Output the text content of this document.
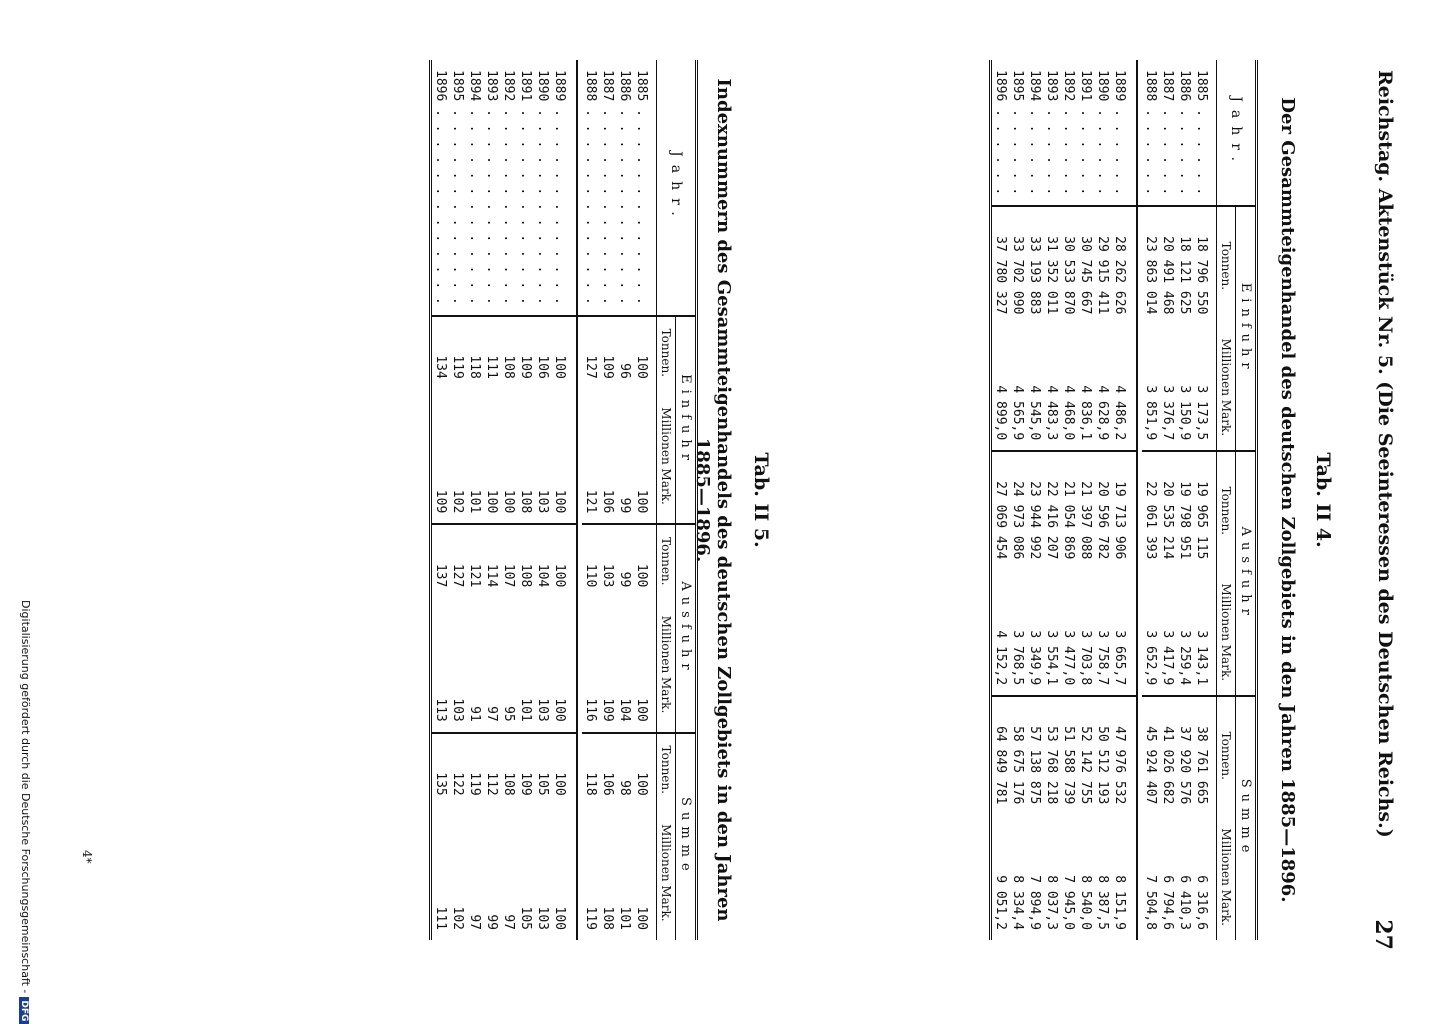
Reichstag. Aktenstück Nr. 5. (Die Seeinteressen des Deutschen Reichs.)
27
Tab. II 4.
Der Gesammteigenhandel des deutschen Zollgebiets in den Jahren 1885—1896.
Jahr.	Einfuhr		Ausfuhr		Summe	
	Tonnen.	Millionen Mark.	Tonnen.	Millionen Mark.	Tonnen.	Millionen Mark.
1885 . . . . . .	18 796 550	3 173,5	19 965 115	3 143,1	38 761 665	6 316,6
1886 . . . . . .	18 121 625	3 150,9	19 798 951	3 259,4	37 920 576	6 410,3
1887 . . . . . .	20 491 468	3 376,7	20 535 214	3 417,9	41 026 682	6 794,6
1888 . . . . . .	23 863 014	3 851,9	22 061 393	3 652,9	45 924 407	7 504,8

1889 . . . . . .	28 262 626	4 486,2	19 713 906	3 665,7	47 976 532	8 151,9
1890 . . . . . .	29 915 411	4 628,9	20 596 782	3 758,7	50 512 193	8 387,5
1891 . . . . . .	30 745 667	4 836,1	21 397 088	3 703,8	52 142 755	8 540,0
1892 . . . . . .	30 533 870	4 468,0	21 054 869	3 477,0	51 588 739	7 945,0
1893 . . . . . .	31 352 011	4 483,3	22 416 207	3 554,1	53 768 218	8 037,3
1894 . . . . . .	33 193 883	4 545,0	23 944 992	3 349,9	57 138 875	7 894,9
1895 . . . . . .	33 702 090	4 565,9	24 973 086	3 768,5	58 675 176	8 334,4
1896 . . . . . .	37 780 327	4 899,0	27 069 454	4 152,2	64 849 781	9 051,2
Tab. II 5.
Indexnummern des Gesammteigenhandels des deutschen Zollgebiets in den Jahren 1885—1896.
Jahr.	Einfuhr		Ausfuhr		Summe	
	Tonnen.	Millionen Mark.	Tonnen.	Millionen Mark.	Tonnen.	Millionen Mark.
1885 . . . . . . . . . . . . .	100	100	100	100	100	100
1886 . . . . . . . . . . . . .	96	99	99	104	98	101
1887 . . . . . . . . . . . . .	109	106	103	109	106	108
1888 . . . . . . . . . . . . .	127	121	110	116	118	119

1889 . . . . . . . . . . . . .	100	100	100	100	100	100
1890 . . . . . . . . . . . . .	106	103	104	103	105	103
1891 . . . . . . . . . . . . .	109	108	108	101	109	105
1892 . . . . . . . . . . . . .	108	100	107	95	108	97
1893 . . . . . . . . . . . . .	111	100	114	97	112	99
1894 . . . . . . . . . . . . .	118	101	121	91	119	97
1895 . . . . . . . . . . . . .	119	102	127	103	122	102
1896 . . . . . . . . . . . . .	134	109	137	113	135	111
4*
Digitalisierung gefördert durch die Deutsche Forschungsgemeinschaft -DFG
